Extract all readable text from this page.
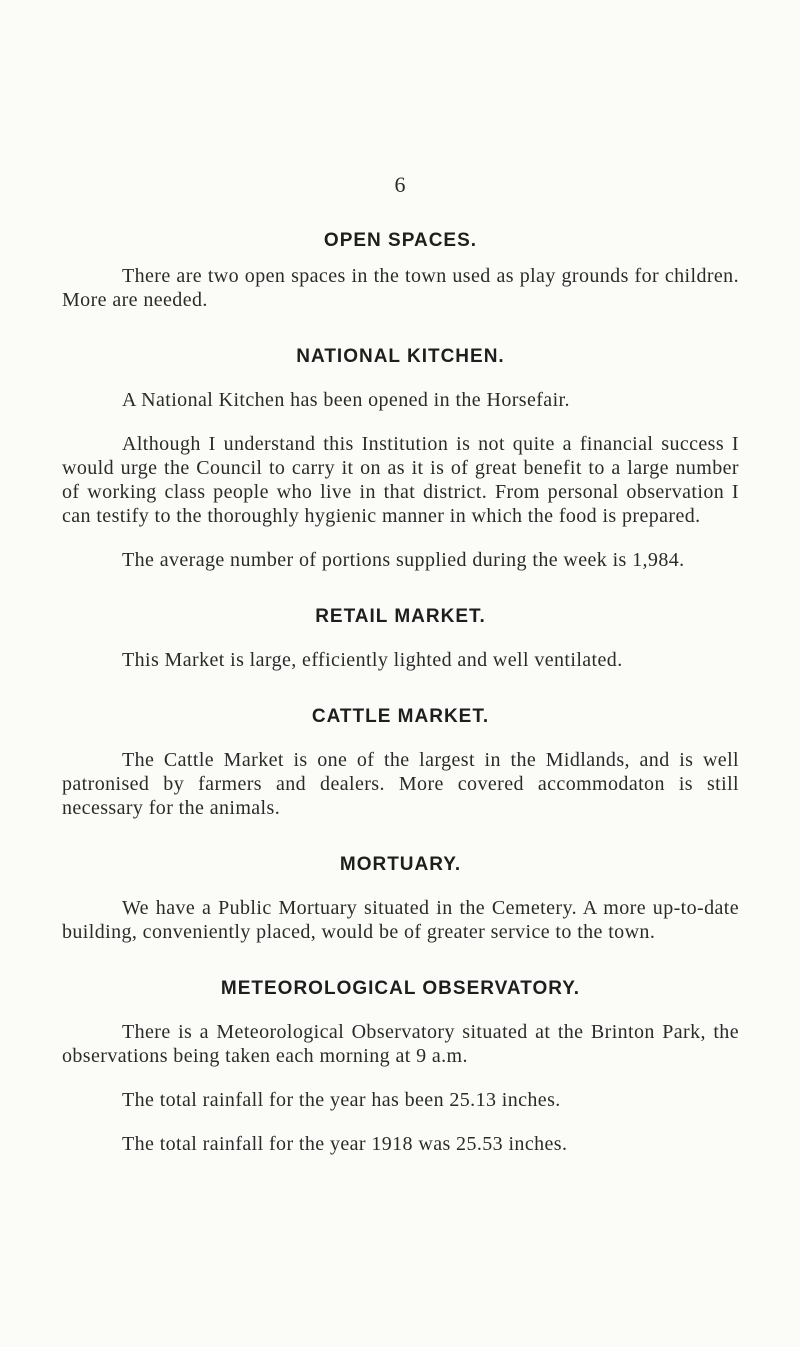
6
OPEN SPACES.

There are two open spaces in the town used as play grounds for children. More are needed.

NATIONAL KITCHEN.

A National Kitchen has been opened in the Horsefair.

Although I understand this Institution is not quite a financial success I would urge the Council to carry it on as it is of great benefit to a large number of working class people who live in that district. From personal observation I can testify to the thoroughly hygienic manner in which the food is prepared.

The average number of portions supplied during the week is 1,984.

RETAIL MARKET.

This Market is large, efficiently lighted and well ventilated.

CATTLE MARKET.

The Cattle Market is one of the largest in the Midlands, and is well patronised by farmers and dealers. More covered accommodaton is still necessary for the animals.

MORTUARY.

We have a Public Mortuary situated in the Cemetery. A more up-to-date building, conveniently placed, would be of greater service to the town.

METEOROLOGICAL OBSERVATORY.

There is a Meteorological Observatory situated at the Brinton Park, the observations being taken each morning at 9 a.m.

The total rainfall for the year has been 25.13 inches.

The total rainfall for the year 1918 was 25.53 inches.
